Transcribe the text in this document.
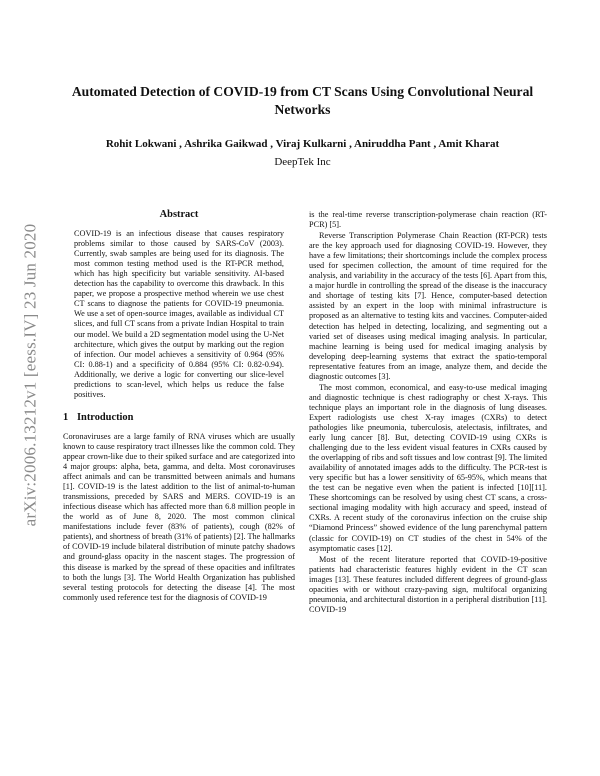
arXiv:2006.13212v1 [eess.IV] 23 Jun 2020
Automated Detection of COVID-19 from CT Scans Using Convolutional Neural Networks
Rohit Lokwani , Ashrika Gaikwad , Viraj Kulkarni , Aniruddha Pant , Amit Kharat
DeepTek Inc
Abstract

COVID-19 is an infectious disease that causes respiratory problems similar to those caused by SARS-CoV (2003). Currently, swab samples are being used for its diagnosis. The most common testing method used is the RT-PCR method, which has high specificity but variable sensitivity. AI-based detection has the capability to overcome this drawback. In this paper, we propose a prospective method wherein we use chest CT scans to diagnose the patients for COVID-19 pneumonia. We use a set of open-source images, available as individual CT slices, and full CT scans from a private Indian Hospital to train our model. We build a 2D segmentation model using the U-Net architecture, which gives the output by marking out the region of infection. Our model achieves a sensitivity of 0.964 (95% CI: 0.88-1) and a specificity of 0.884 (95% CI: 0.82-0.94). Additionally, we derive a logic for converting our slice-level predictions to scan-level, which helps us reduce the false positives.

1 Introduction

Coronaviruses are a large family of RNA viruses which are usually known to cause respiratory tract illnesses like the common cold. They appear crown-like due to their spiked surface and are categorized into 4 major groups: alpha, beta, gamma, and delta. Most coronaviruses affect animals and can be transmitted between animals and humans [1]. COVID-19 is the latest addition to the list of animal-to-human transmissions, preceded by SARS and MERS. COVID-19 is an infectious disease which has affected more than 6.8 million people in the world as of June 8, 2020. The most common clinical manifestations include fever (83% of patients), cough (82% of patients), and shortness of breath (31% of patients) [2]. The hallmarks of COVID-19 include bilateral distribution of minute patchy shadows and ground-glass opacity in the nascent stages. The progression of this disease is marked by the spread of these opacities and infiltrates to both the lungs [3]. The World Health Organization has published several testing protocols for detecting the disease [4]. The most commonly used reference test for the diagnosis of COVID-19

is the real-time reverse transcription-polymerase chain reaction (RT-PCR) [5].

Reverse Transcription Polymerase Chain Reaction (RT-PCR) tests are the key approach used for diagnosing COVID-19. However, they have a few limitations; their shortcomings include the complex process used for specimen collection, the amount of time required for the analysis, and variability in the accuracy of the tests [6]. Apart from this, a major hurdle in controlling the spread of the disease is the inaccuracy and shortage of testing kits [7]. Hence, computer-based detection assisted by an expert in the loop with minimal infrastructure is proposed as an alternative to testing kits and vaccines. Computer-aided detection has helped in detecting, localizing, and segmenting out a varied set of diseases using medical imaging analysis. In particular, machine learning is being used for medical imaging analysis by developing deep-learning systems that extract the spatio-temporal representative features from an image, analyze them, and decide the diagnostic outcomes [3].

The most common, economical, and easy-to-use medical imaging and diagnostic technique is chest radiography or chest X-rays. This technique plays an important role in the diagnosis of lung diseases. Expert radiologists use chest X-ray images (CXRs) to detect pathologies like pneumonia, tuberculosis, atelectasis, infiltrates, and early lung cancer [8]. But, detecting COVID-19 using CXRs is challenging due to the less evident visual features in CXRs caused by the overlapping of ribs and soft tissues and low contrast [9]. The limited availability of annotated images adds to the difficulty. The PCR-test is very specific but has a lower sensitivity of 65-95%, which means that the test can be negative even when the patient is infected [10][11]. These shortcomings can be resolved by using chest CT scans, a cross-sectional imaging modality with high accuracy and speed, instead of CXRs. A recent study of the coronavirus infection on the cruise ship “Diamond Princess” showed evidence of the lung parenchymal pattern (classic for COVID-19) on CT studies of the chest in 54% of the asymptomatic cases [12].

Most of the recent literature reported that COVID-19-positive patients had characteristic features highly evident in the CT scan images [13]. These features included different degrees of ground-glass opacities with or without crazy-paving sign, multifocal organizing pneumonia, and architectural distortion in a peripheral distribution [11]. COVID-19
